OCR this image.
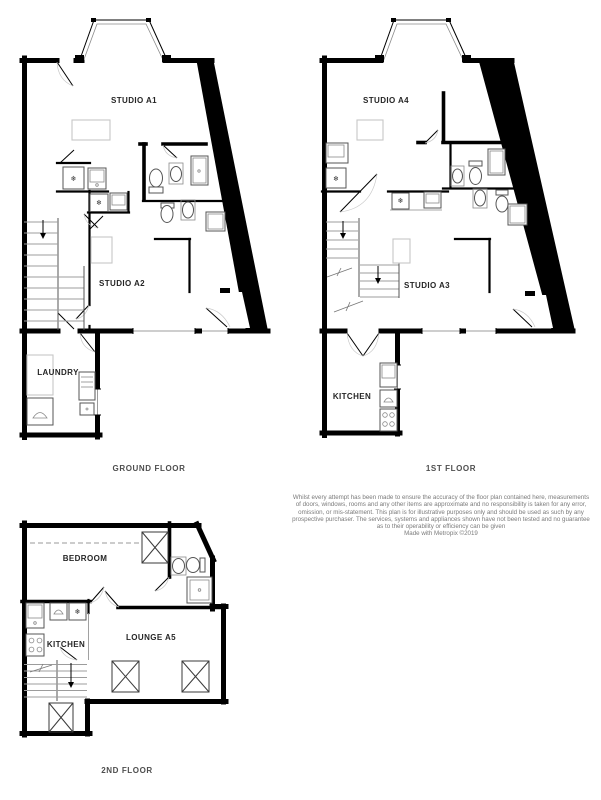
❄
❄
STUDIO A1
STUDIO A2
LAUNDRY
GROUND FLOOR
❄
❄
STUDIO A4
STUDIO A3
KITCHEN
1ST FLOOR
❄
BEDROOM
KITCHEN
LOUNGE A5
2ND FLOOR
Whilst every attempt has been made to ensure the accuracy of the floor plan contained here, measurements
of doors, windows, rooms and any other items are approximate and no responsibility is taken for any error,
omission, or mis-statement. This plan is for illustrative purposes only and should be used as such by any
prospective purchaser. The services, systems and appliances shown have not been tested and no guarantee
as to their operability or efficiency can be given
Made with Metropix ©2019
